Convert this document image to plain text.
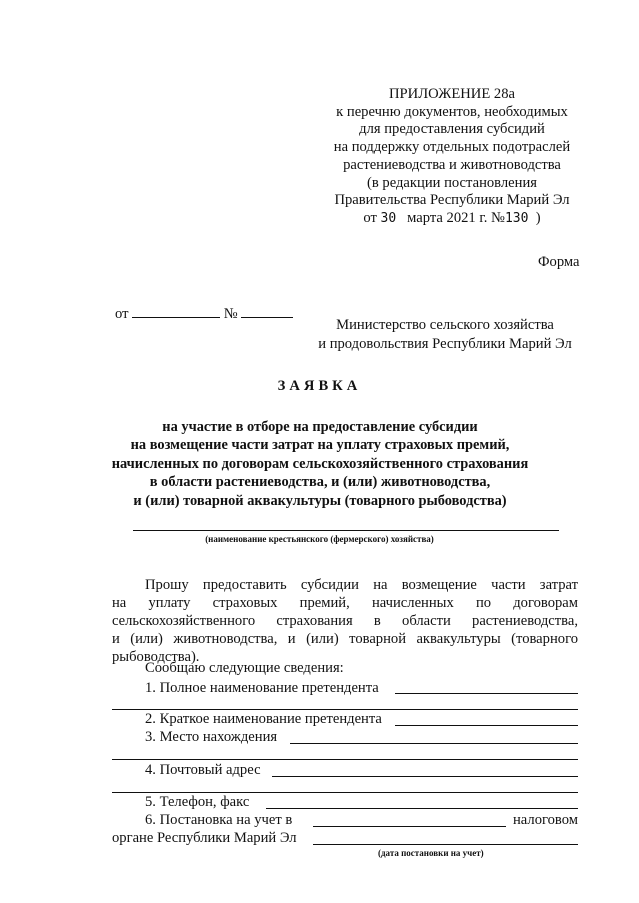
ПРИЛОЖЕНИЕ 28а
к перечню документов, необходимых
для предоставления субсидий
на поддержку отдельных подотраслей
растениеводства и животноводства
(в редакции постановления
Правительства Республики Марий Эл
от 30 марта 2021 г. №130 )
Форма
от	№
Министерство сельского хозяйства
и продовольствия Республики Марий Эл
ЗАЯВКА
на участие в отборе на предоставление субсидии
на возмещение части затрат на уплату страховых премий,
начисленных по договорам сельскохозяйственного страхования
в области растениеводства, и (или) животноводства,
и (или) товарной аквакультуры (товарного рыбоводства)
(наименование крестьянского (фермерского) хозяйства)
Прошу предоставить субсидии на возмещение части затрат
на уплату страховых премий, начисленных по договорам
сельскохозяйственного страхования в области растениеводства,
и (или) животноводства, и (или) товарной аквакультуры (товарного
рыбоводства).
Сообщаю следующие сведения:
1. Полное наименование претендента
2. Краткое наименование претендента
3. Место нахождения
4. Почтовый адрес
5. Телефон, факс
6. Постановка на учет в	налоговом
органе Республики Марий Эл
(дата постановки на учет)
